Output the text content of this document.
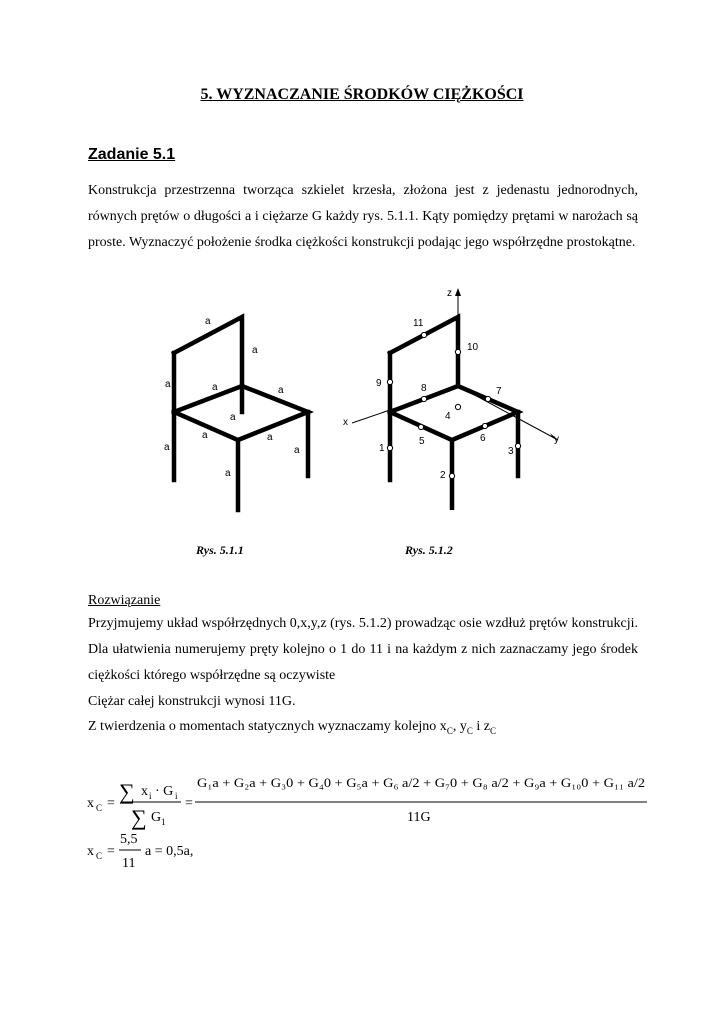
5. WYZNACZANIE ŚRODKÓW CIĘŻKOŚCI
Zadanie 5.1
Konstrukcja przestrzenna tworząca szkielet krzesła, złożona jest z jedenastu jednorodnych, równych prętów o długości a i ciężarze G każdy rys. 5.1.1. Kąty pomiędzy prętami w narożach są proste. Wyznaczyć położenie środka ciężkości konstrukcji podając jego współrzędne prostokątne.
a
a
a	a	a
a
a	a
a	a
a
z
x
y
1
2
3
4
5	6
7
8
9
10
11
Rys. 5.1.1	Rys. 5.1.2
Rozwiązanie
Przyjmujemy układ współrzędnych 0,x,y,z (rys. 5.1.2) prowadząc osie wzdłuż prętów konstrukcji. Dla ułatwienia numerujemy pręty kolejno o 1 do 11 i na każdym z nich zaznaczamy jego środek ciężkości którego współrzędne są oczywiste
Ciężar całej konstrukcji wynosi 11G.
Z twierdzenia o momentach statycznych wyznaczamy kolejno $x_C$, $y_C$ i $z_C$
x C = ∑ x i · G i
∑ G 1
=
G₁a + G₂a + G₃0 + G₄0 + G₅a + G₆ a/2 + G₇0 + G₈ a/2 + G₉a + G₁₀0 + G₁₁ a/2
11G
x C =
5,5
11
a = 0,5a,
